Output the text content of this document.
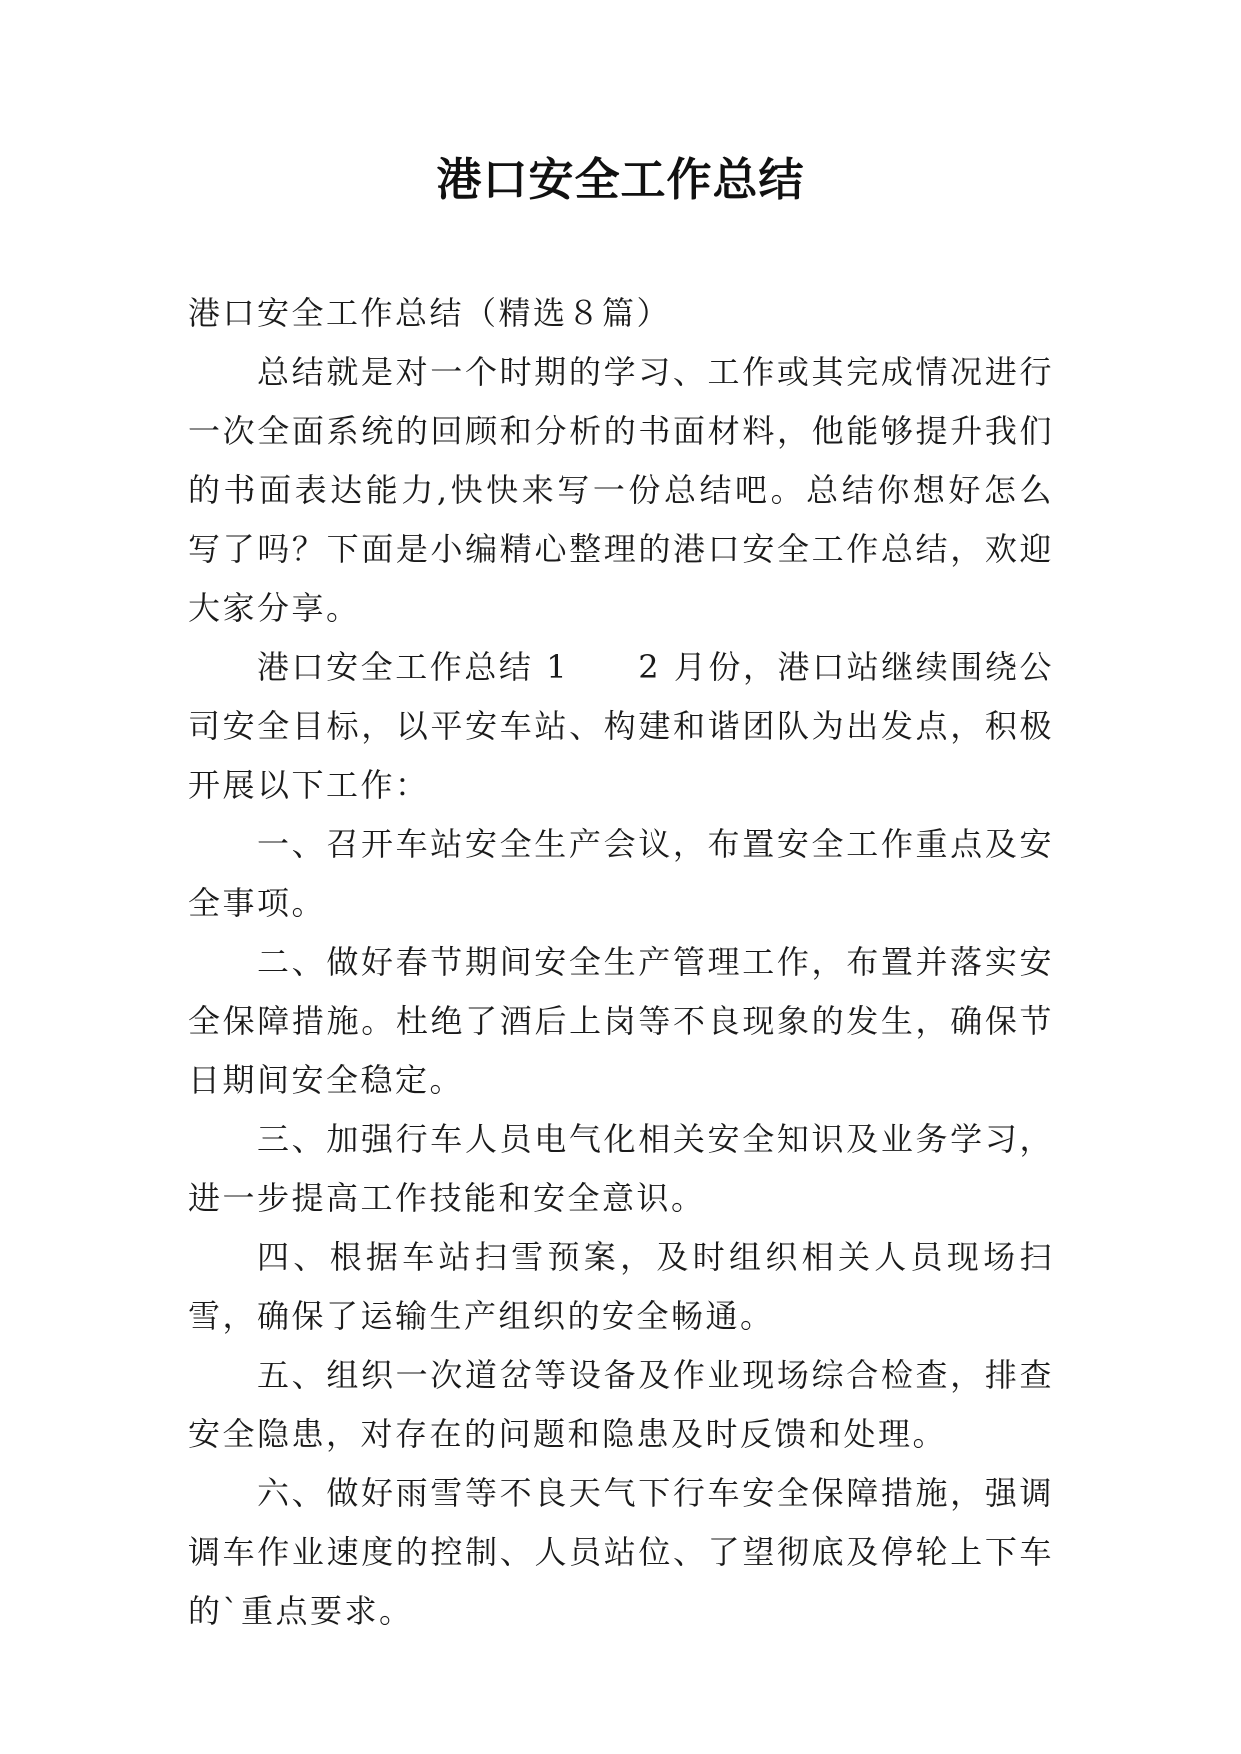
港口安全工作总结

港口安全工作总结（精选８篇）

总结就是对一个时期的学习、工作或其完成情况进行一次全面系统的回顾和分析的书面材料，他能够提升我们的书面表达能力,快快来写一份总结吧。总结你想好怎么写了吗？下面是小编精心整理的港口安全工作总结，欢迎大家分享。

港口安全工作总结 1　　2 月份，港口站继续围绕公司安全目标，以平安车站、构建和谐团队为出发点，积极开展以下工作：

一、召开车站安全生产会议，布置安全工作重点及安全事项。

二、做好春节期间安全生产管理工作，布置并落实安全保障措施。杜绝了酒后上岗等不良现象的发生，确保节日期间安全稳定。

三、加强行车人员电气化相关安全知识及业务学习，进一步提高工作技能和安全意识。

四、根据车站扫雪预案，及时组织相关人员现场扫雪，确保了运输生产组织的安全畅通。

五、组织一次道岔等设备及作业现场综合检查，排查安全隐患，对存在的问题和隐患及时反馈和处理。

六、做好雨雪等不良天气下行车安全保障措施，强调调车作业速度的控制、人员站位、了望彻底及停轮上下车的`重点要求。
